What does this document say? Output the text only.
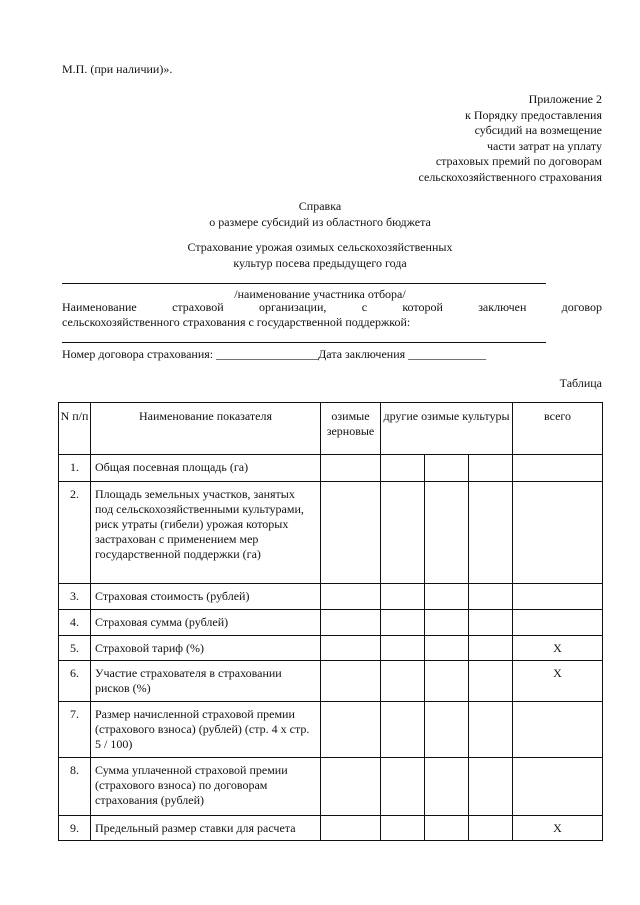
М.П. (при наличии)».
Приложение 2
к Порядку предоставления
субсидий на возмещение
части затрат на уплату
страховых премий по договорам
сельскохозяйственного страхования
Справка
о размере субсидий из областного бюджета
Страхование урожая озимых сельскохозяйственных
культур посева предыдущего года
/наименование участника отбора/
Наименование	страховой	организации,	с	которой	заключен	договор
сельскохозяйственного страхования с государственной поддержкой:
Номер договора страхования: _________________Дата заключения _____________
Таблица
N п/п	Наименование показателя	озимые зерновые	другие озимые культуры			всего
1.	Общая посевная площадь (га)					
2.	Площадь земельных участков, занятых под сельскохозяйственными культурами, риск утраты (гибели) урожая которых застрахован с применением мер государственной поддержки (га)					
3.	Страховая стоимость (рублей)					
4.	Страховая сумма (рублей)					
5.	Страховой тариф (%)					X
6.	Участие страхователя в страховании рисков (%)					X
7.	Размер начисленной страховой премии (страхового взноса) (рублей) (стр. 4 x стр. 5 / 100)					
8.	Сумма уплаченной страховой премии (страхового взноса) по договорам страхования (рублей)					
9.	Предельный размер ставки для расчета					X
